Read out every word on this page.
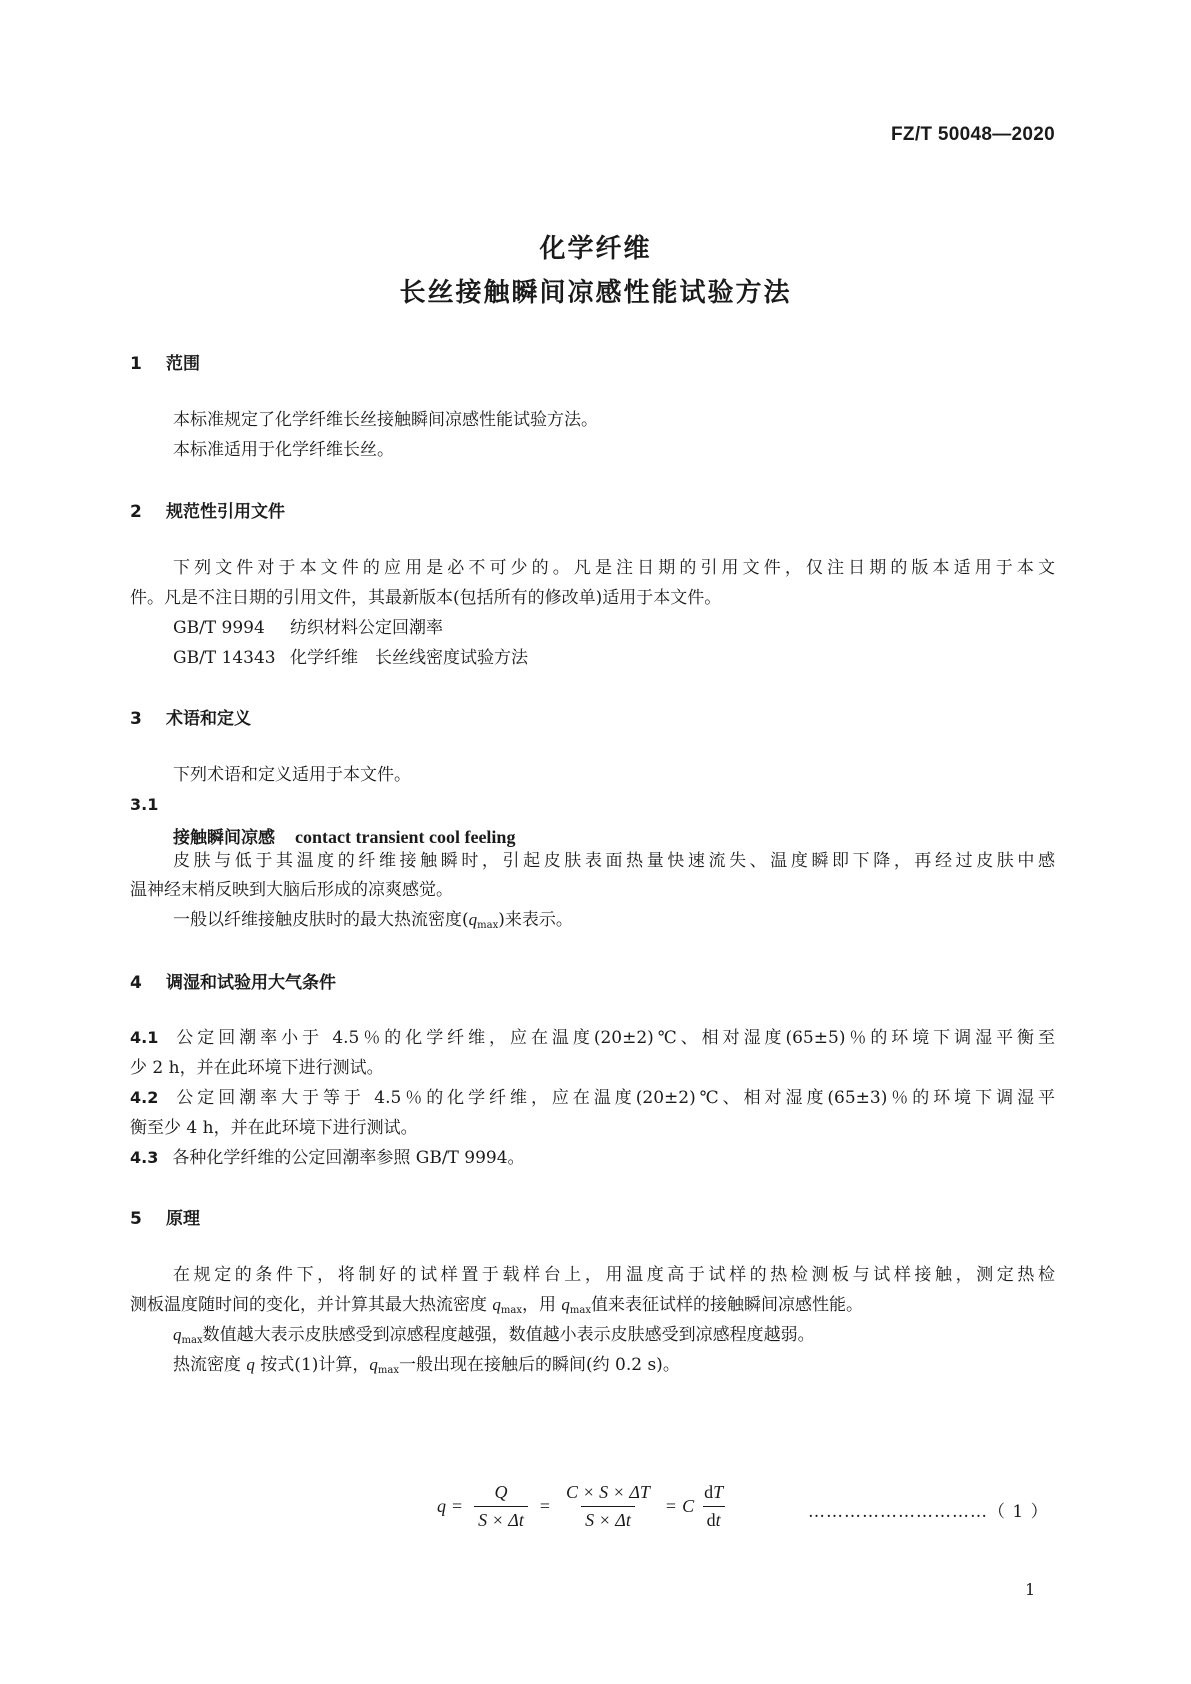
FZ/T 50048—2020
化学纤维
长丝接触瞬间凉感性能试验方法
1 范围
本标准规定了化学纤维长丝接触瞬间凉感性能试验方法。
本标准适用于化学纤维长丝。
2 规范性引用文件
下列文件对于本文件的应用是必不可少的。凡是注日期的引用文件，仅注日期的版本适用于本文
件。凡是不注日期的引用文件，其最新版本(包括所有的修改单)适用于本文件。
GB/T 9994 纺织材料公定回潮率
GB/T 14343 化学纤维　长丝线密度试验方法
3 术语和定义
下列术语和定义适用于本文件。
3.1
接触瞬间凉感 contact transient cool feeling
皮肤与低于其温度的纤维接触瞬时，引起皮肤表面热量快速流失、温度瞬即下降，再经过皮肤中感
温神经末梢反映到大脑后形成的凉爽感觉。
一般以纤维接触皮肤时的最大热流密度$(q_{max})$来表示。
4 调湿和试验用大气条件
4.1 公定回潮率小于 4.5％的化学纤维，应在温度(20±2)℃、相对湿度(65±5)％的环境下调湿平衡至
少 2 h，并在此环境下进行测试。
4.2 公定回潮率大于等于 4.5％的化学纤维，应在温度(20±2)℃、相对湿度(65±3)％的环境下调湿平
衡至少 4 h，并在此环境下进行测试。
4.3 各种化学纤维的公定回潮率参照 GB/T 9994。
5 原理
在规定的条件下，将制好的试样置于载样台上，用温度高于试样的热检测板与试样接触，测定热检
测板温度随时间的变化，并计算其最大热流密度 $q_{max}$，用 $q_{max}$值来表征试样的接触瞬间凉感性能。
$q_{max}$数值越大表示皮肤感受到凉感程度越强，数值越小表示皮肤感受到凉感程度越弱。
热流密度 q 按式(1)计算，$q_{max}$一般出现在接触后的瞬间(约 0.2 s)。
$q = \frac{Q}{S \times \Delta t} = \frac{C \times S \times \Delta T}{S \times \Delta t} = C \frac{dT}{dt}$	…………………………（ 1 ）
1
